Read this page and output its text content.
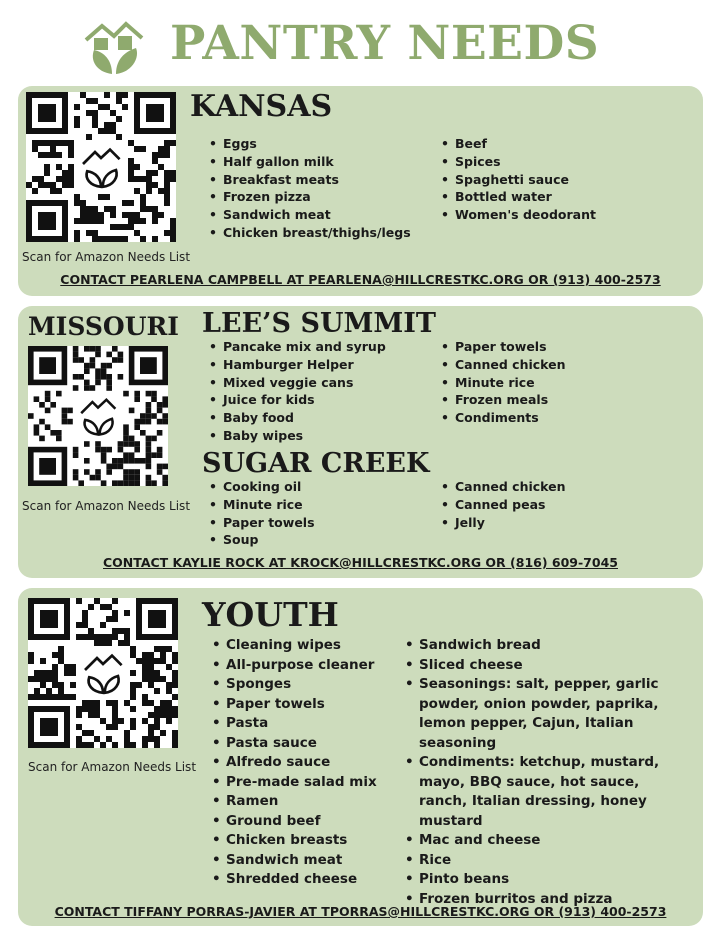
PANTRY NEEDS
Scan for Amazon Needs List
KANSAS
• Eggs
• Half gallon milk
• Breakfast meats
• Frozen pizza
• Sandwich meat
• Chicken breast/thighs/legs
• Beef
• Spices
• Spaghetti sauce
• Bottled water
• Women's deodorant
CONTACT PEARLENA CAMPBELL AT PEARLENA@HILLCRESTKC.ORG OR (913) 400-2573
MISSOURI
Scan for Amazon Needs List
LEE’S SUMMIT
• Pancake mix and syrup
• Hamburger Helper
• Mixed veggie cans
• Juice for kids
• Baby food
• Baby wipes
• Paper towels
• Canned chicken
• Minute rice
• Frozen meals
• Condiments
SUGAR CREEK
• Cooking oil
• Minute rice
• Paper towels
• Soup
• Canned chicken
• Canned peas
• Jelly
CONTACT KAYLIE ROCK AT KROCK@HILLCRESTKC.ORG OR (816) 609-7045
Scan for Amazon Needs List
YOUTH
• Cleaning wipes
• All-purpose cleaner
• Sponges
• Paper towels
• Pasta
• Pasta sauce
• Alfredo sauce
• Pre-made salad mix
• Ramen
• Ground beef
• Chicken breasts
• Sandwich meat
• Shredded cheese
• Sandwich bread
• Sliced cheese
• Seasonings: salt, pepper, garlic powder, onion powder, paprika, lemon pepper, Cajun, Italian seasoning
• Condiments: ketchup, mustard, mayo, BBQ sauce, hot sauce, ranch, Italian dressing, honey mustard
• Mac and cheese
• Rice
• Pinto beans
• Frozen burritos and pizza
CONTACT TIFFANY PORRAS-JAVIER AT TPORRAS@HILLCRESTKC.ORG OR (913) 400-2573
